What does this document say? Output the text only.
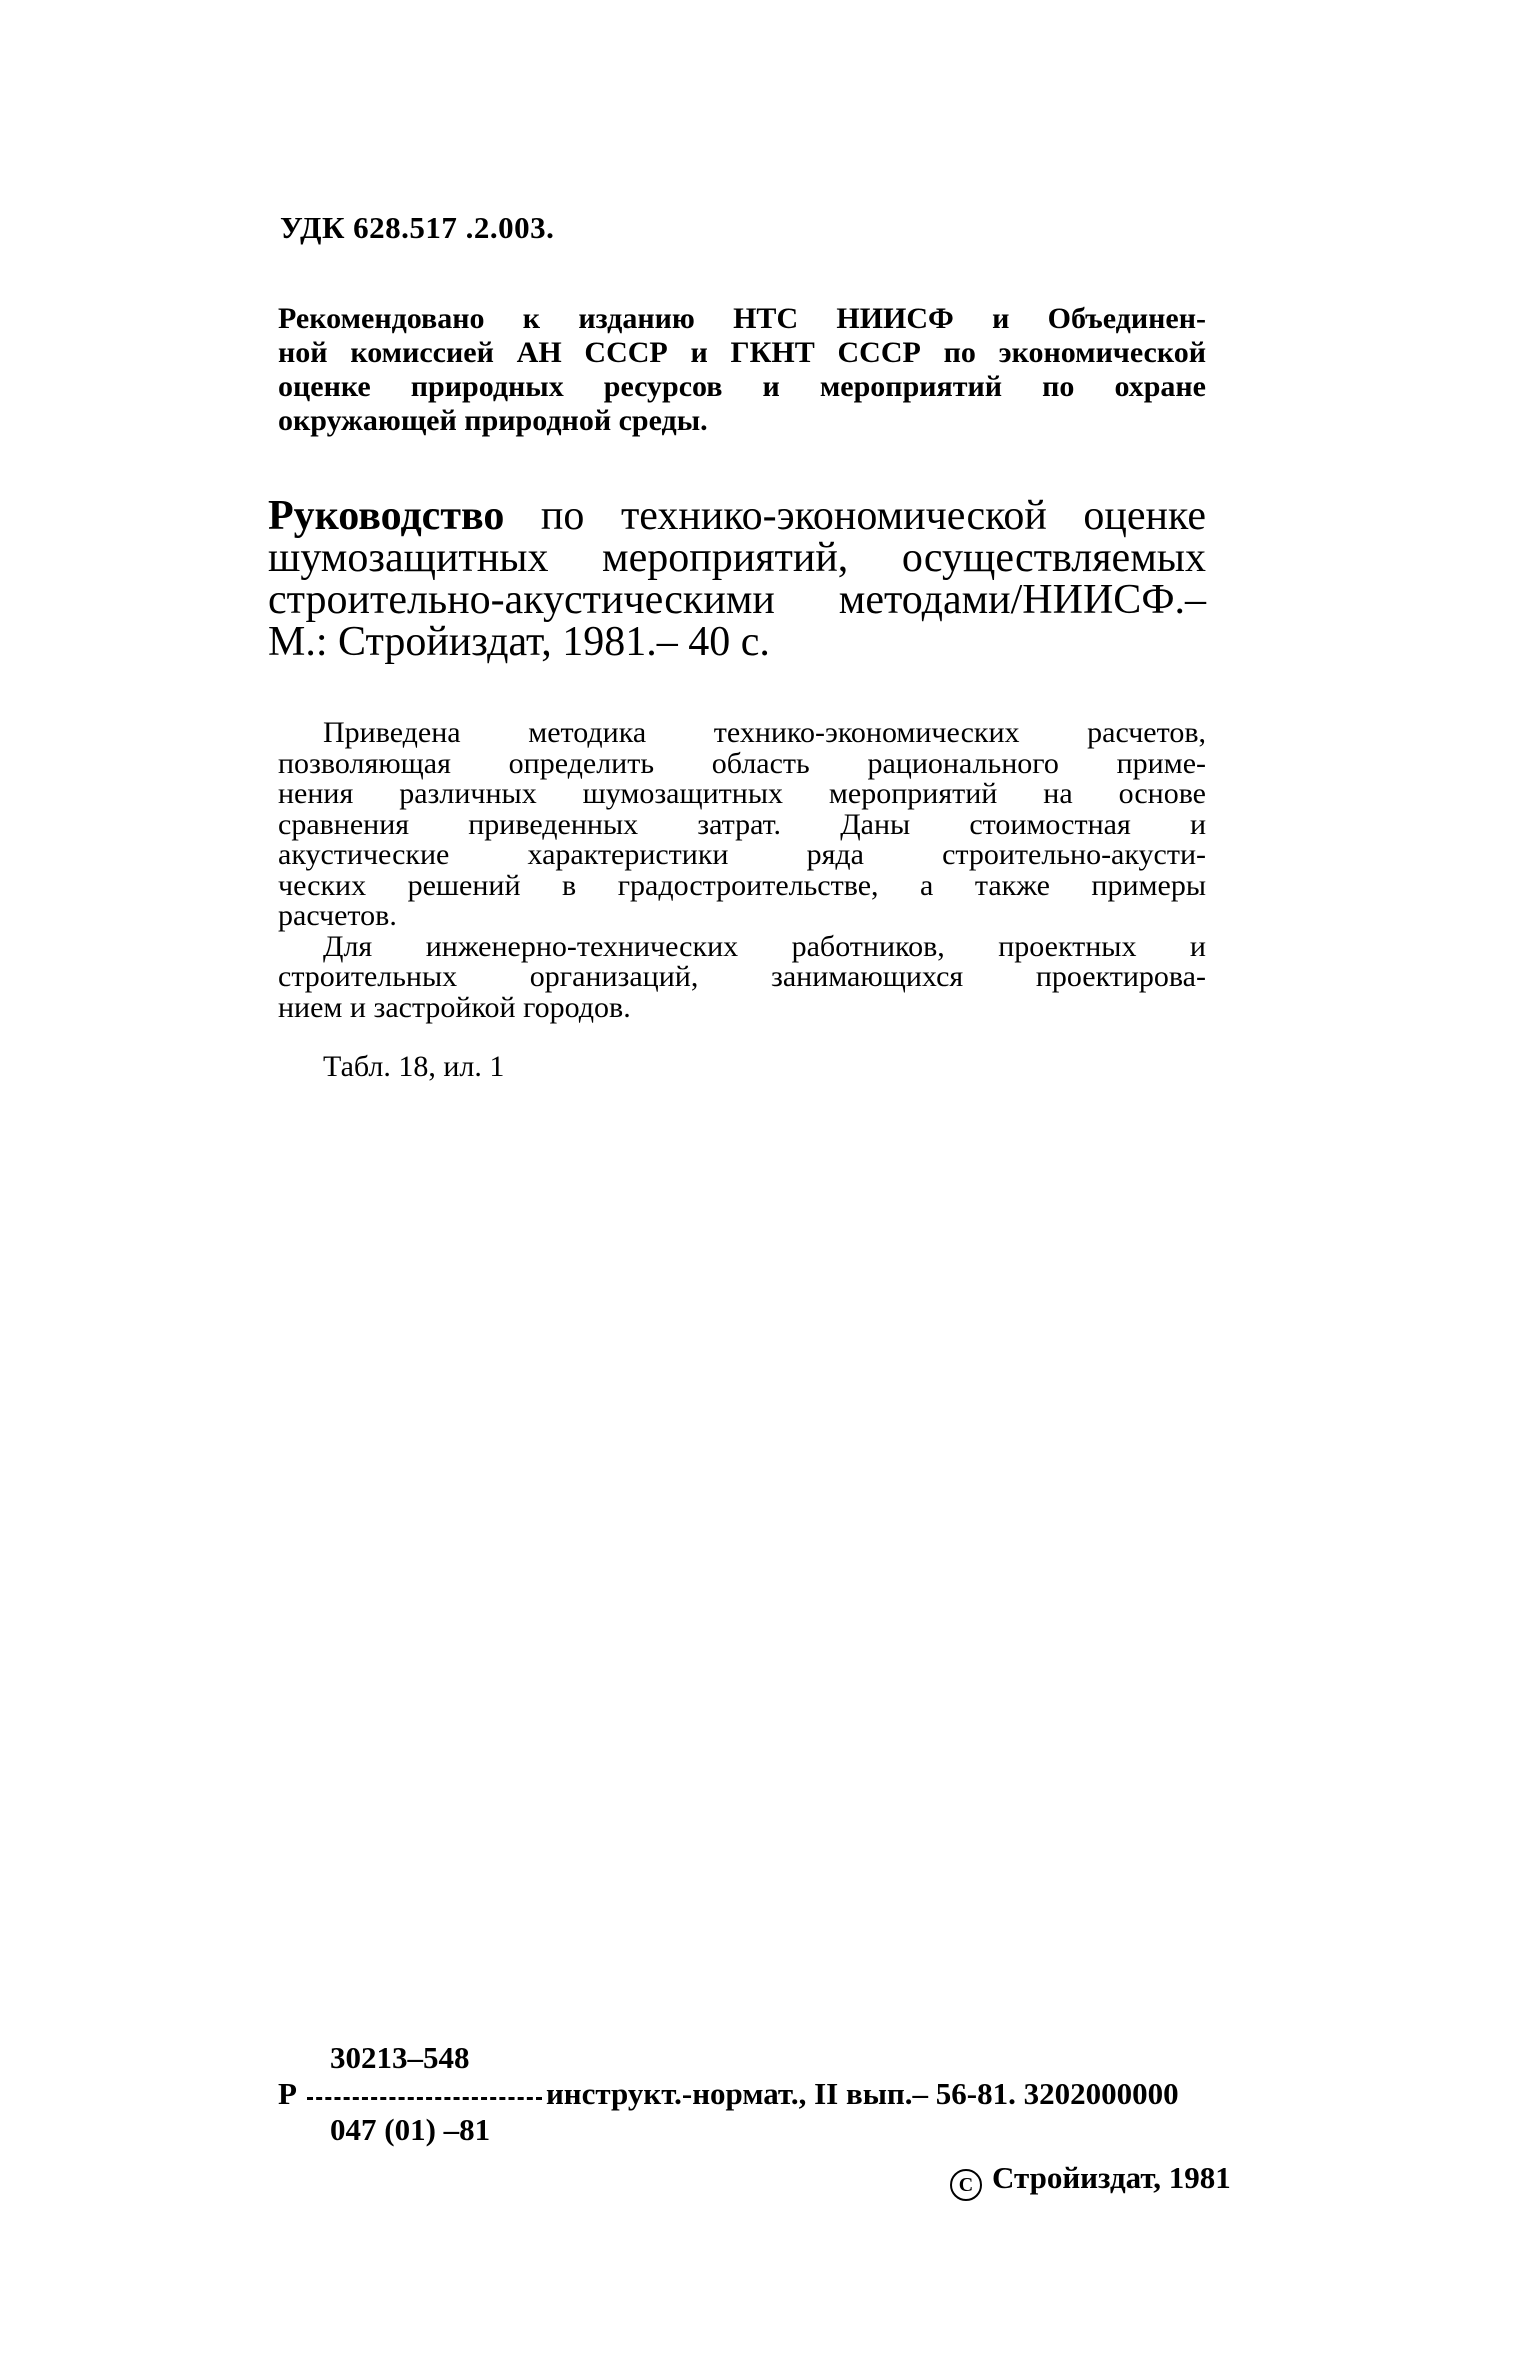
УДК 628.517 .2.003.
Рекомендовано к изданию НТС НИИСФ и Объединен-
ной комиссией АН СССР и ГКНТ СССР по экономической
оценке природных ресурсов и мероприятий по охране
окружающей природной среды.
Руководство по технико-экономической оценке
шумозащитных мероприятий, осуществляемых
строительно-акустическими методами/НИИСФ.–
М.: Стройиздат, 1981.– 40 с.
Приведена методика технико-экономических расчетов,
позволяющая определить область рационального приме-
нения различных шумозащитных мероприятий на основе
сравнения приведенных затрат. Даны стоимостная и
акустические характеристики ряда строительно-акусти-
ческих решений в градостроительстве, а также примеры
расчетов.
Для инженерно-технических работников, проектных и
строительных организаций, занимающихся проектирова-
нием и застройкой городов.
Табл. 18, ил. 1
30213–548
Р	инструкт.-нормат., II вып.– 56-81. 3202000000
047 (01) –81
C Стройиздат, 1981
